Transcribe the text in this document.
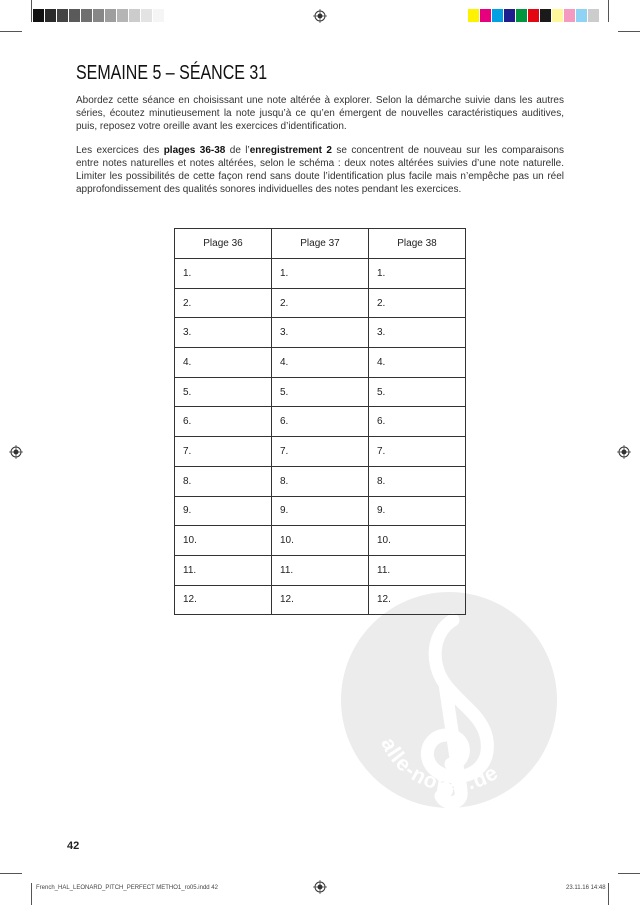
alle-noten.de
SEMAINE 5 – SÉANCE 31

Abordez cette séance en choisissant une note altérée à explorer. Selon la démarche suivie dans les autres séries, écoutez minutieusement la note jusqu’à ce qu’en émergent de nouvelles caractéristiques auditives, puis, reposez votre oreille avant les exercices d’identification.

Les exercices des plages 36-38 de l’enregistrement 2 se concentrent de nouveau sur les comparaisons entre notes naturelles et notes altérées, selon le schéma : deux notes altérées suivies d’une note naturelle. Limiter les possibilités de cette façon rend sans doute l’identification plus facile mais n’empêche pas un réel approfondissement des qualités sonores individuelles des notes pendant les exercices.

Plage 36	Plage 37	Plage 38
1.	1.	1.
2.	2.	2.
3.	3.	3.
4.	4.	4.
5.	5.	5.
6.	6.	6.
7.	7.	7.
8.	8.	8.
9.	9.	9.
10.	10.	10.
11.	11.	11.
12.	12.	12.
42
French_HAL_LEONARD_PITCH_PERFECT METHO1_ro05.indd 42	23.11.16 14:48
